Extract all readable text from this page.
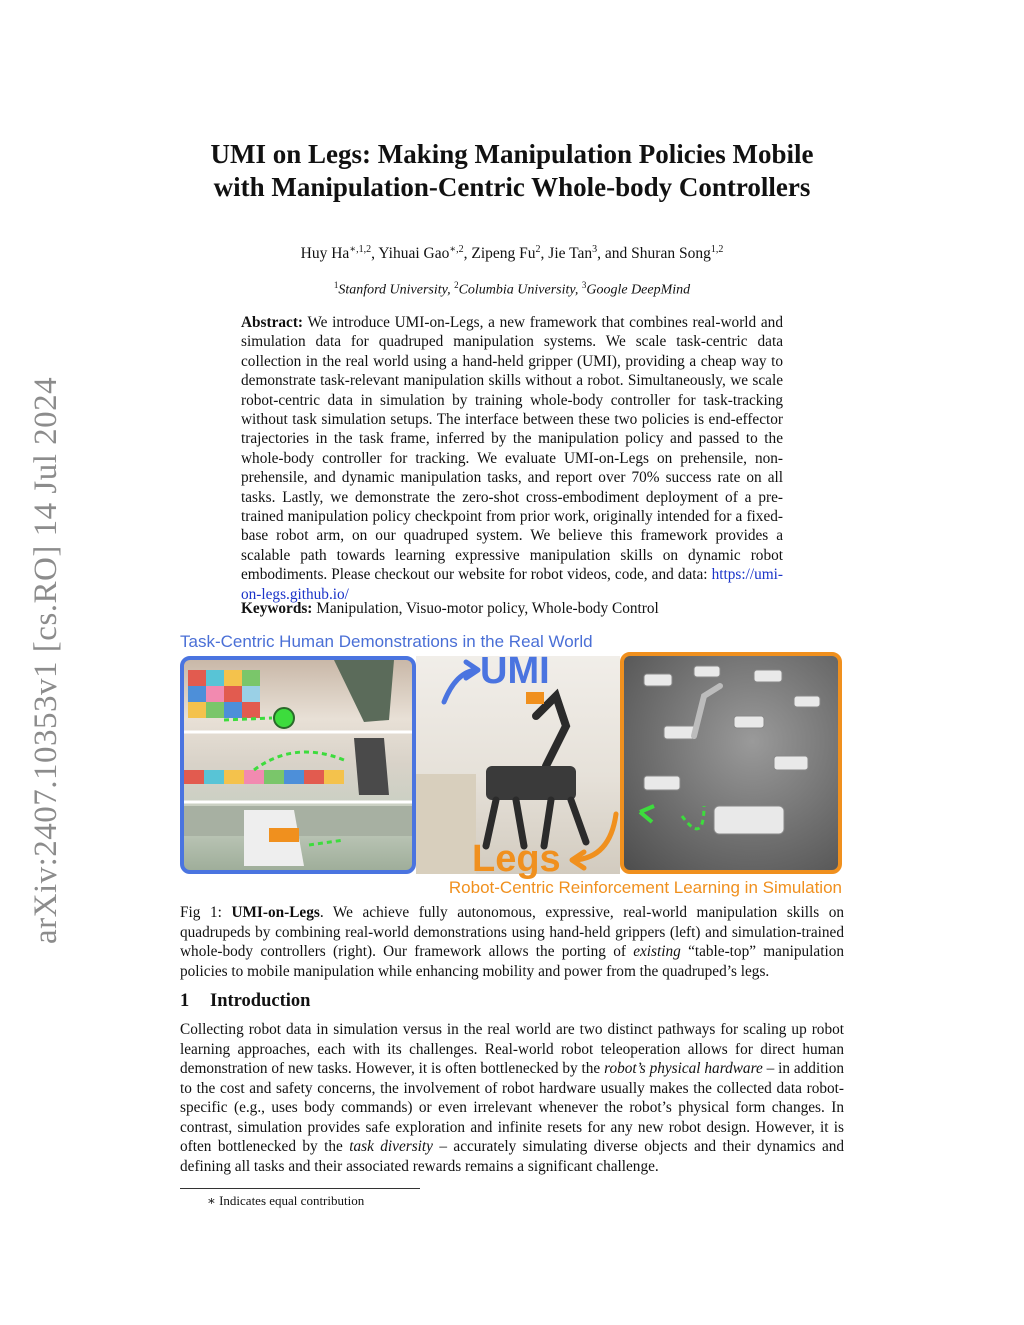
arXiv:2407.10353v1 [cs.RO] 14 Jul 2024
UMI on Legs: Making Manipulation Policies Mobile
with Manipulation-Centric Whole-body Controllers
Huy $Ha^{∗,1,2}$, Yihuai Gao$^{∗,2}$, Zipeng Fu$^2$, Jie Tan$^3$, and Shuran Song$^{1,2}$
$^1$Stanford University, $^2$Columbia University, $^3$Google DeepMind
Abstract: We introduce UMI-on-Legs, a new framework that combines real-world and simulation data for quadruped manipulation systems. We scale task-centric data collection in the real world using a hand-held gripper (UMI), providing a cheap way to demonstrate task-relevant manipulation skills without a robot. Simultaneously, we scale robot-centric data in simulation by training whole-body controller for task-tracking without task simulation setups. The interface between these two policies is end-effector trajectories in the task frame, inferred by the manipulation policy and passed to the whole-body controller for tracking. We evaluate UMI-on-Legs on prehensile, non-prehensile, and dynamic manipulation tasks, and report over 70% success rate on all tasks. Lastly, we demonstrate the zero-shot cross-embodiment deployment of a pre-trained manipulation policy checkpoint from prior work, originally intended for a fixed-base robot arm, on our quadruped system. We believe this framework provides a scalable path towards learning expressive manipulation skills on dynamic robot embodiments. Please checkout our website for robot videos, code, and data: https://umi-on-legs.github.io/
Keywords: Manipulation, Visuo-motor policy, Whole-body Control
Task-Centric Human Demonstrations in the Real World
UMI
Legs
Robot-Centric Reinforcement Learning in Simulation
Fig 1: UMI-on-Legs. We achieve fully autonomous, expressive, real-world manipulation skills on quadrupeds by combining real-world demonstrations using hand-held grippers (left) and simulation-trained whole-body controllers (right). Our framework allows the porting of existing “table-top” manipulation policies to mobile manipulation while enhancing mobility and power from the quadruped’s legs.
1 Introduction
Collecting robot data in simulation versus in the real world are two distinct pathways for scaling up robot learning approaches, each with its challenges. Real-world robot teleoperation allows for direct human demonstration of new tasks. However, it is often bottlenecked by the robot’s physical hardware – in addition to the cost and safety concerns, the involvement of robot hardware usually makes the collected data robot-specific (e.g., uses body commands) or even irrelevant whenever the robot’s physical form changes. In contrast, simulation provides safe exploration and infinite resets for any new robot design. However, it is often bottlenecked by the task diversity – accurately simulating diverse objects and their dynamics and defining all tasks and their associated rewards remains a significant challenge.
∗ Indicates equal contribution
